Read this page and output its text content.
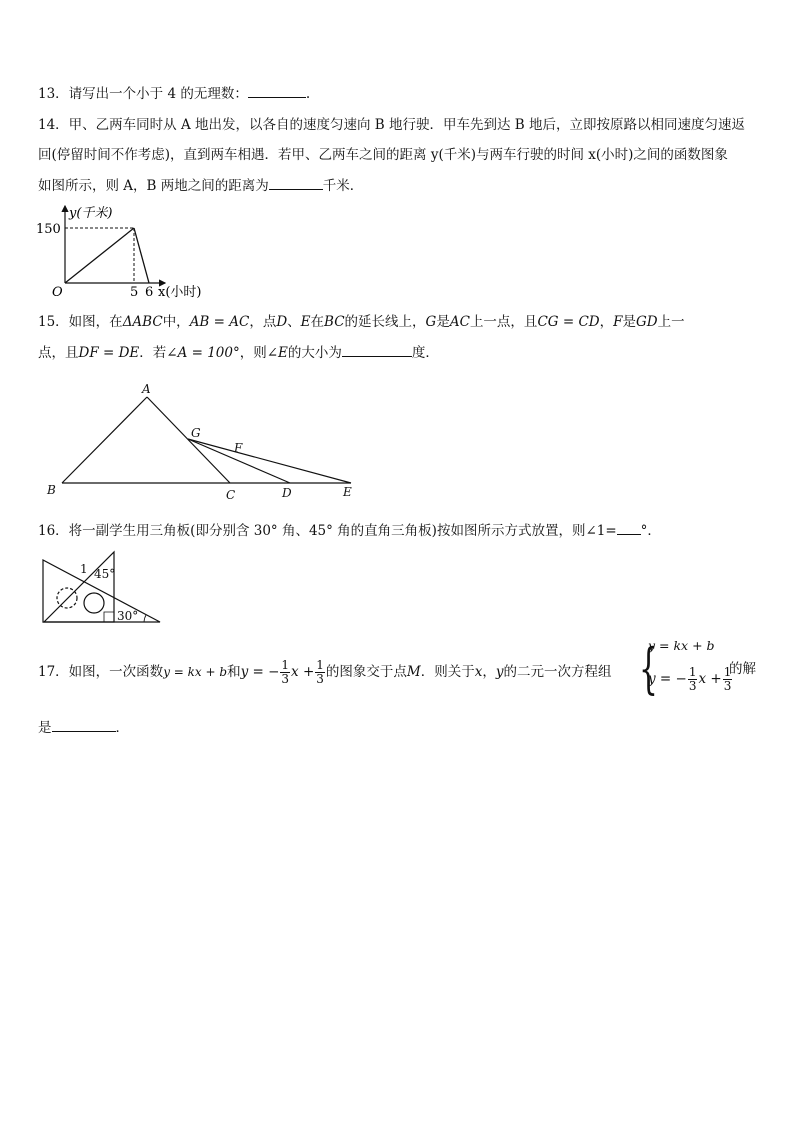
13．请写出一个小于 4 的无理数：	.
14．甲、乙两车同时从 A 地出发，以各自的速度匀速向 B 地行驶．甲车先到达 B 地后，立即按原路以相同速度匀速返
回(停留时间不作考虑)，直到两车相遇．若甲、乙两车之间的距离 y(千米)与两车行驶的时间 x(小时)之间的函数图象
如图所示，则 A，B 两地之间的距离为	千米．
y(千米)
150
O	5 6 x(小时)
15．如图，在ΔABC中，AB = AC，点D、E在BC的延长线上，G是AC上一点，且CG = CD，F是GD上一
点，且DF = DE．若∠A = 100°，则∠E的大小为	度．
A
B	C	D	E
F
G
16．将一副学生用三角板(即分别含 30° 角、45° 角的直角三角板)按如图所示方式放置，则∠1= °．
1 45°
30°
17．如图，一次函数y = kx + b和y = − $\frac{1}{3}$ $x + \frac{1}{3}$ 的图象交于点M．则关于x，y的二元一次方程组 {
y = kx + b
y = − $\frac{1}{3}$ $x + \frac{1}{3}$
的解
是	．
